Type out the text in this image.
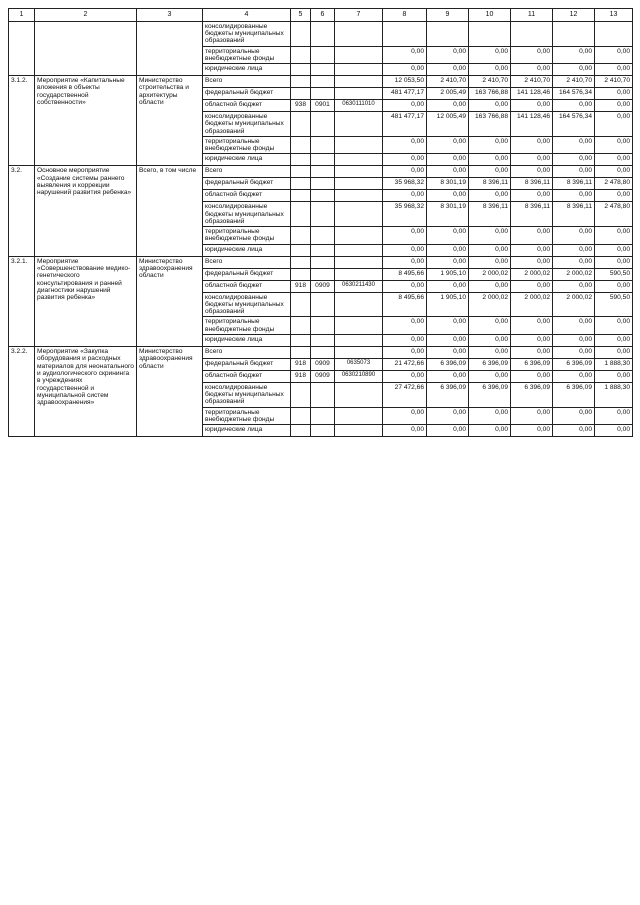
1	2	3	4	5	6	7	8	9	10	11	12	13
			консолидированные бюджеты муниципальных образований									
			территориальные внебюджетные фонды				0,00	0,00	0,00	0,00	0,00	0,00
			юридические лица				0,00	0,00	0,00	0,00	0,00	0,00
3.1.2.	Мероприятие «Капитальные вложения в объекты государственной собственности»	Министерство строительства и архитектуры области	Всего				12 053,50	2 410,70	2 410,70	2 410,70	2 410,70	2 410,70
			федеральный бюджет				481 477,17	2 005,49	163 766,88	141 128,46	164 576,34	0,00
			областной бюджет	938	0901	0630111010	0,00	0,00	0,00	0,00	0,00	0,00
			консолидированные бюджеты муниципальных образований				481 477,17	12 005,49	163 766,88	141 128,46	164 576,34	0,00
			территориальные внебюджетные фонды				0,00	0,00	0,00	0,00	0,00	0,00
			юридические лица				0,00	0,00	0,00	0,00	0,00	0,00
3.2.	Основное мероприятие «Создание системы раннего выявления и коррекции нарушений развития ребенка»	Всего, в том числе	Всего				0,00	0,00	0,00	0,00	0,00	0,00
			федеральный бюджет				35 968,32	8 301,19	8 396,11	8 396,11	8 396,11	2 478,80
			областной бюджет				0,00	0,00	0,00	0,00	0,00	0,00
			консолидированные бюджеты муниципальных образований				35 968,32	8 301,19	8 396,11	8 396,11	8 396,11	2 478,80
			территориальные внебюджетные фонды				0,00	0,00	0,00	0,00	0,00	0,00
			юридические лица				0,00	0,00	0,00	0,00	0,00	0,00
3.2.1.	Мероприятие «Совершенствование медико-генетического консультирования и ранней диагностики нарушений развития ребенка»	Министерство здравоохранения области	Всего				0,00	0,00	0,00	0,00	0,00	0,00
			федеральный бюджет				8 495,66	1 905,10	2 000,02	2 000,02	2 000,02	590,50
			областной бюджет	918	0909	0630211430	0,00	0,00	0,00	0,00	0,00	0,00
			консолидированные бюджеты муниципальных образований				8 495,66	1 905,10	2 000,02	2 000,02	2 000,02	590,50
			территориальные внебюджетные фонды				0,00	0,00	0,00	0,00	0,00	0,00
			юридические лица				0,00	0,00	0,00	0,00	0,00	0,00
3.2.2.	Мероприятие «Закупка оборудования и расходных материалов для неонатального и аудиологического скрининга в учреждениях государственной и муниципальной систем здравоохранения»	Министерство здравоохранения области	Всего				0,00	0,00	0,00	0,00	0,00	0,00
			федеральный бюджет	918	0909	0635073	21 472,66	6 396,09	6 396,09	6 396,09	6 396,09	1 888,30
			областной бюджет	918	0909	0630210890	0,00	0,00	0,00	0,00	0,00	0,00
			консолидированные бюджеты муниципальных образований				27 472,66	6 396,09	6 396,09	6 396,09	6 396,09	1 888,30
			территориальные внебюджетные фонды				0,00	0,00	0,00	0,00	0,00	0,00
			юридические лица				0,00	0,00	0,00	0,00	0,00	0,00
